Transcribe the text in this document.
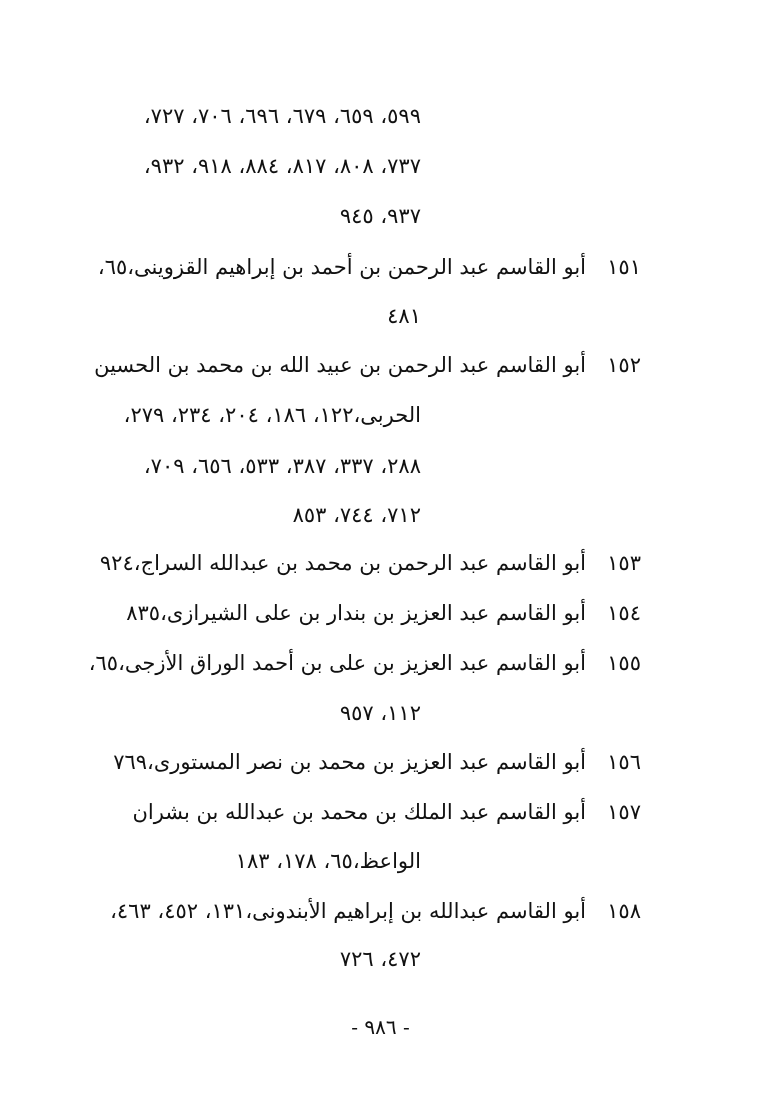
٥٩٩، ٦٥٩، ٦٧٩، ٦٩٦، ٧٠٦، ٧٢٧،
٧٣٧، ٨٠٨، ٨١٧، ٨٨٤، ٩١٨، ٩٣٢،
٩٣٧، ٩٤٥
١٥١
أبو القاسم عبد الرحمن بن أحمد بن إبراهيم القزوينى،٦٥،
٤٨١
١٥٢
أبو القاسم عبد الرحمن بن عبيد الله بن محمد بن الحسين
الحربى،١٢٢، ١٨٦، ٢٠٤، ٢٣٤، ٢٧٩،
٢٨٨، ٣٣٧، ٣٨٧، ٥٣٣، ٦٥٦، ٧٠٩،
٧١٢، ٧٤٤، ٨٥٣
١٥٣
أبو القاسم عبد الرحمن بن محمد بن عبدالله السراج،٩٢٤
١٥٤
أبو القاسم عبد العزيز بن بندار بن على الشيرازى،٨٣٥
١٥٥
أبو القاسم عبد العزيز بن على بن أحمد الوراق الأزجى،٦٥،
١١٢، ٩٥٧
١٥٦
أبو القاسم عبد العزيز بن محمد بن نصر المستورى،٧٦٩
١٥٧
أبو القاسم عبد الملك بن محمد بن عبدالله بن بشران
الواعظ،٦٥، ١٧٨، ١٨٣
١٥٨
أبو القاسم عبدالله بن إبراهيم الأبندونى،١٣١، ٤٥٢، ٤٦٣،
٤٧٢، ٧٢٦
- ٩٨٦ -
